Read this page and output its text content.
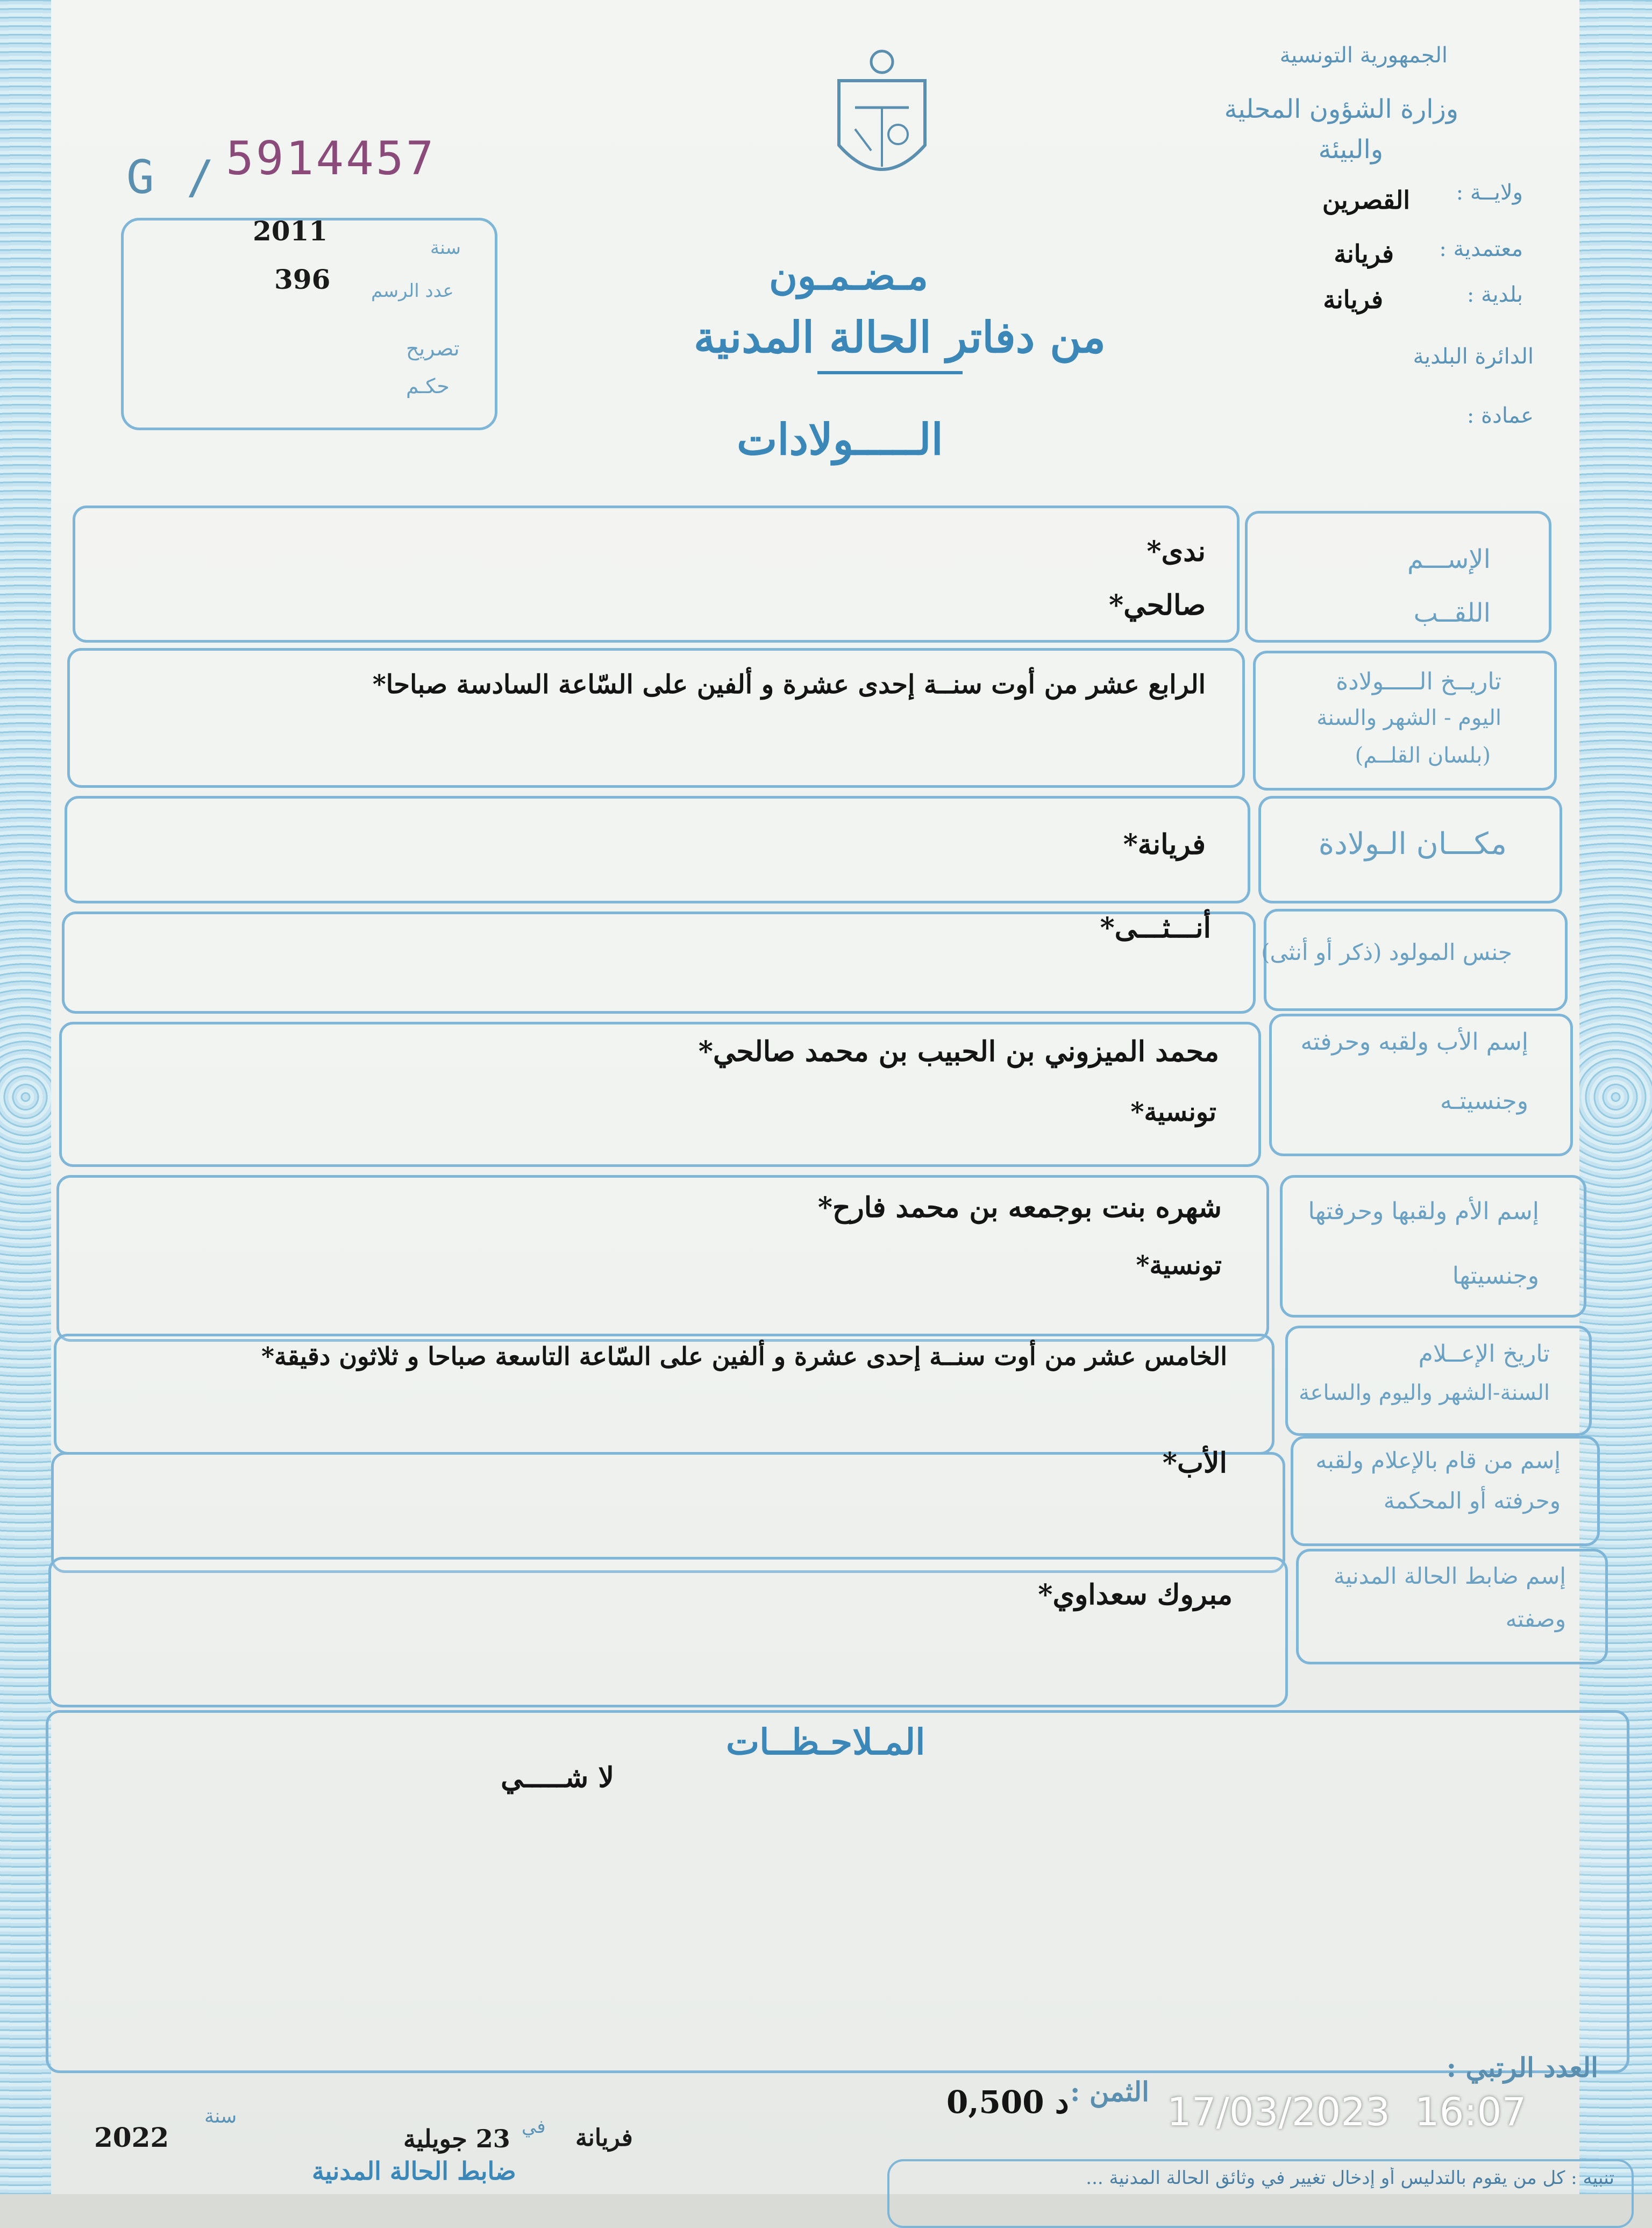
الجمهورية التونسية
وزارة الشؤون المحلية
والبيئة
ولايــة :
القصرين
معتمدية :
فريانة
بلدية :
فريانة
الدائرة البلدية
عمادة :
G / 5914457
سنة
2011
عدد الرسم
396
تصريح
حكـم
مـضـمـون
من دفاتر الحالة المدنية
الـــــولادات
الإســـم
اللقــب
ندى*
صالحي*
تاريــخ الـــــولادة
اليوم - الشهر والسنة
(بلسان القلــم)
الرابع عشر من أوت سنــة إحدى عشرة و ألفين على السّاعة السادسة صباحا*
مكـــان الـولادة
فريانة*
جنس المولود (ذكر أو أنثى)
أنـــثـــى*
إسم الأب ولقبه وحرفته
وجنسيتـه
محمد الميزوني بن الحبيب بن محمد صالحي*
تونسية*
إسم الأم ولقبها وحرفتها
وجنسيتها
شهره بنت بوجمعه بن محمد فارح*
تونسية*
تاريخ الإعــلام
السنة-الشهر واليوم والساعة
الخامس عشر من أوت سنــة إحدى عشرة و ألفين على السّاعة التاسعة صباحا و ثلاثون دقيقة*
إسم من قام بالإعلام ولقبه
وحرفته أو المحكمة
الأب*
إسم ضابط الحالة المدنية
وصفته
مبروك سعداوي*
المـلاحـظــات
لا شـــــي
العدد الرتبي :
الثمن :
0,500 د
سنة
2022	فريانة
في
23 جويلية
ضابط الحالة المدنية	تنبيه : كل من يقوم بالتدليس أو إدخال تغيير في وثائق الحالة المدنية ...
17/03/2023  16:07
